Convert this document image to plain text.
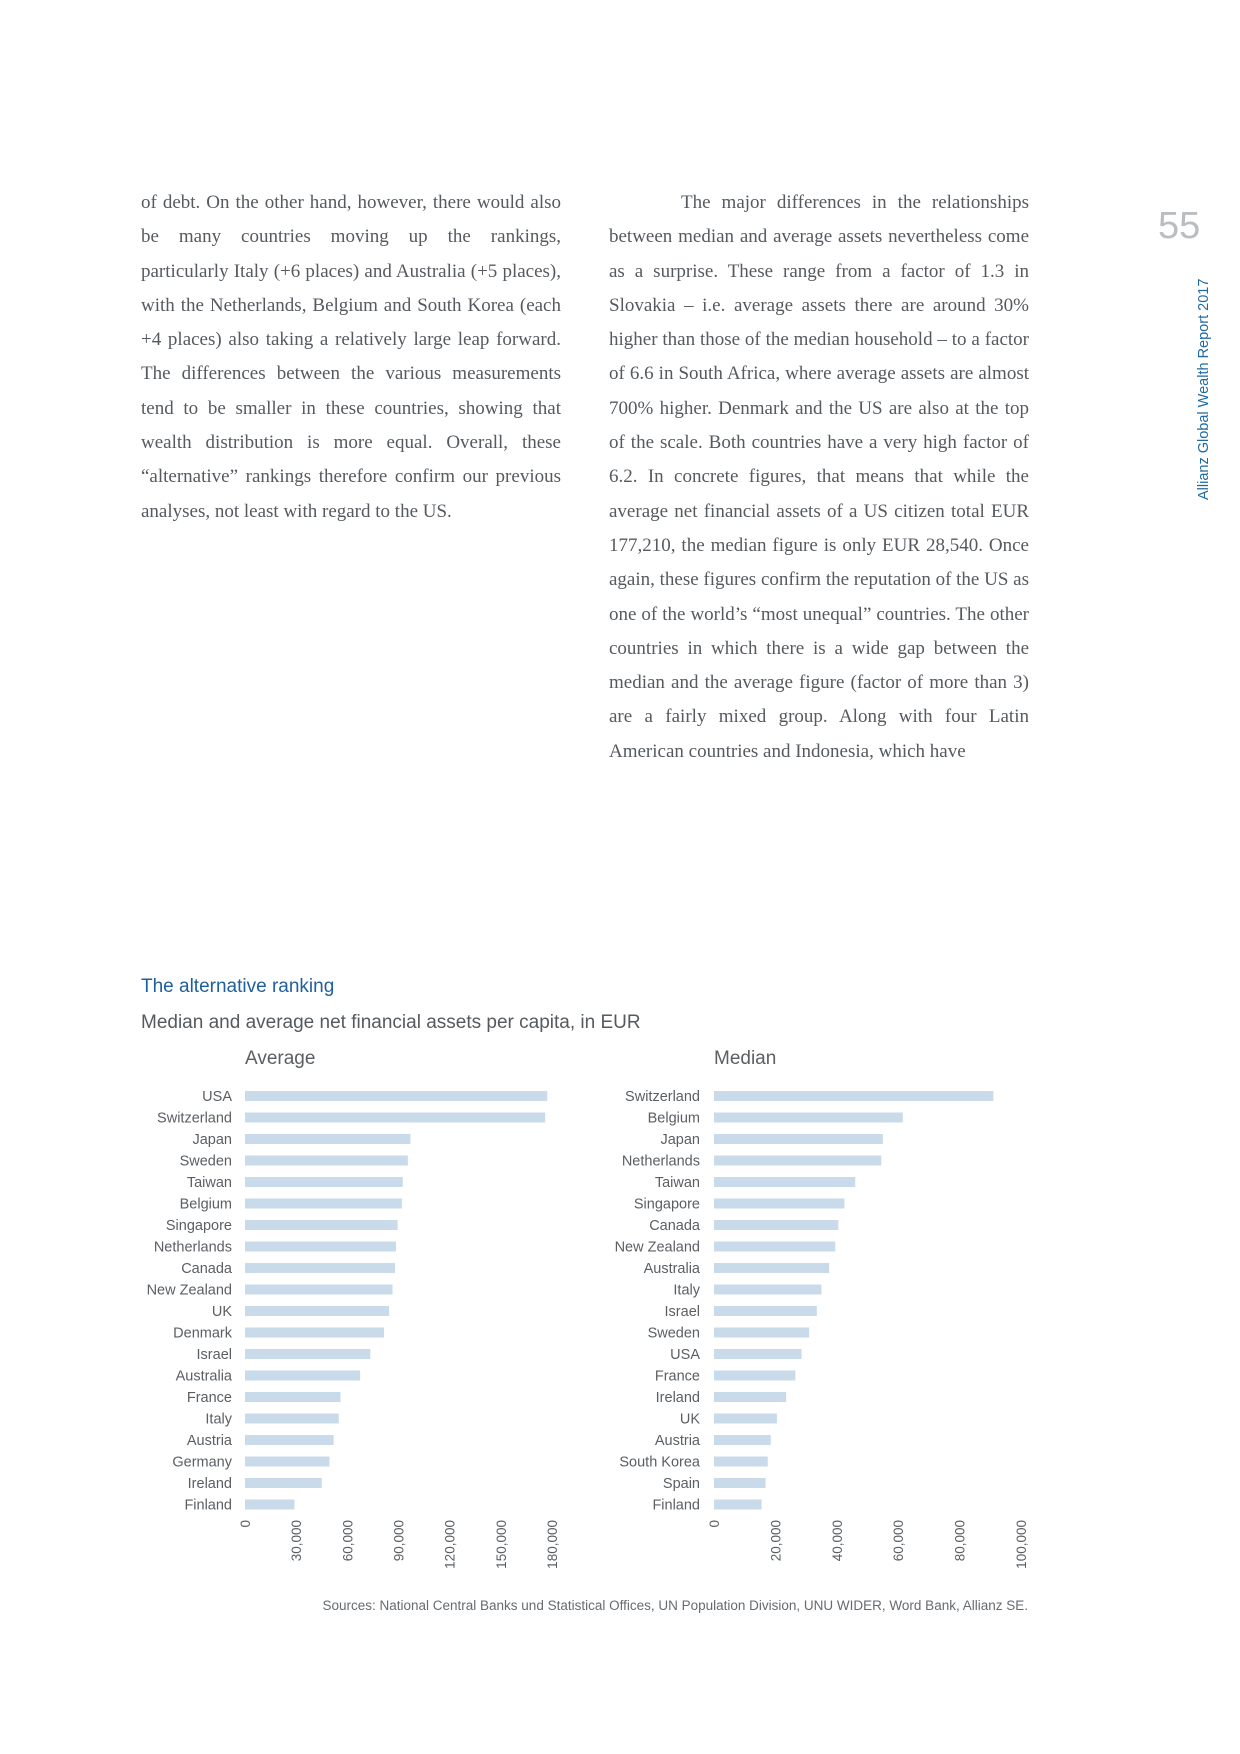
of debt. On the other hand, however, there would also be many countries moving up the rankings, particularly Italy (+6 places) and Australia (+5 places), with the Netherlands, Belgium and South Korea (each +4 places) also taking a relatively large leap forward. The differences between the various measurements tend to be smaller in these countries, showing that wealth distribution is more equal. Overall, these “alternative” rankings therefore confirm our previous analyses, not least with regard to the US.

The major differences in the relationships between median and average assets nevertheless come as a surprise. These range from a factor of 1.3 in Slovakia – i.e. average assets there are around 30% higher than those of the median household – to a factor of 6.6 in South Africa, where average assets are almost 700% higher. Denmark and the US are also at the top of the scale. Both countries have a very high factor of 6.2. In concrete figures, that means that while the average net financial assets of a US citizen total EUR 177,210, the median figure is only EUR 28,540. Once again, these figures confirm the reputation of the US as one of the world’s “most unequal” countries. The other countries in which there is a wide gap between the median and the average figure (factor of more than 3) are a fairly mixed group. Along with four Latin American countries and Indonesia, which have

55
Allianz Global Wealth Report 2017
The alternative ranking
Median and average net financial assets per capita, in EUR
Average
USA
Switzerland
Japan
Sweden
Taiwan
Belgium
Singapore
Netherlands
Canada
New Zealand
UK
Denmark
Israel
Australia
France
Italy
Austria
Germany
Ireland
Finland
0	30,000	60,000	90,000	120,000	150,000	180,000
Median
Switzerland
Belgium
Japan
Netherlands
Taiwan
Singapore
Canada
New Zealand
Australia
Italy
Israel
Sweden
USA
France
Ireland
UK
Austria
South Korea
Spain
Finland
0	20,000	40,000	60,000	80,000	100,000
Sources: National Central Banks und Statistical Offices, UN Population Division, UNU WIDER, Word Bank, Allianz SE.
